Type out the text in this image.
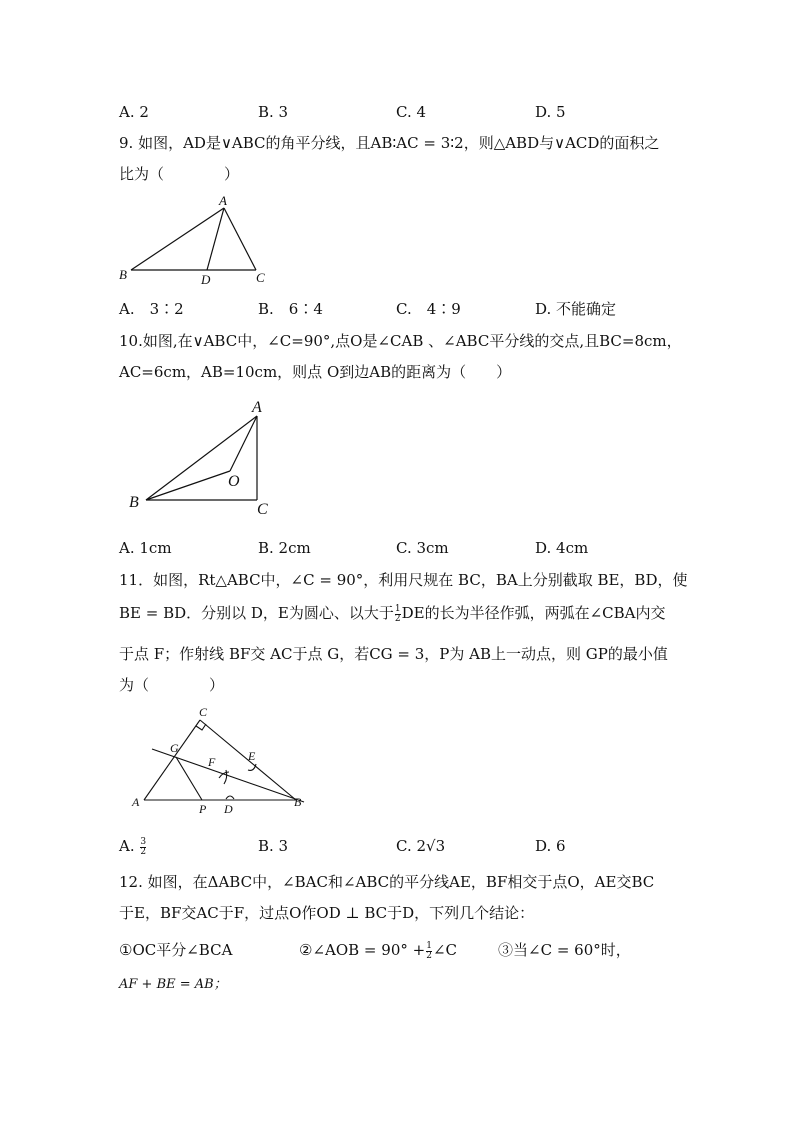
A. 2	B. 3	C. 4	D. 5
9. 如图，AD是∨ABC的角平分线，且AB∶AC = 3∶2，则△ABD与∨ACD的面积之
比为（　　　　）
A
B	C
D
A.　3∶2	B.　6∶4	C.　4∶9	D. 不能确定
10.如图,在∨ABC中，∠C=90°,点O是∠CAB 、∠ABC平分线的交点,且BC=8cm，
AC=6cm，AB=10cm，则点 O到边AB的距离为（　　）
A
B	C
O
A. 1cm	B. 2cm	C. 3cm	D. 4cm
11．如图，Rt△ABC中，∠C = 90°，利用尺规在 BC，BA上分别截取 BE，BD，使
BE = BD．分别以 D，E为圆心、以大于 $\frac{1}{2}$ DE的长为半径作弧，两弧在∠CBA内交
于点 F；作射线 BF交 AC于点 G，若CG = 3，P为 AB上一动点，则 GP的最小值
为（　　　　）
C
G
E
F
A	P D	B
A. $\frac{3}{2}$	B. 3	C. 2√3	D. 6
12. 如图，在ΔABC中，∠BAC和∠ABC的平分线AE，BF相交于点O，AE交BC
于E，BF交AC于F，过点O作OD ⊥ BC于D，下列几个结论：
①OC平分∠BCA	②∠AOB = $90^\circ + \frac{1}{2}$ ∠C	③当∠C = 60°时，
AF + BE = AB；
